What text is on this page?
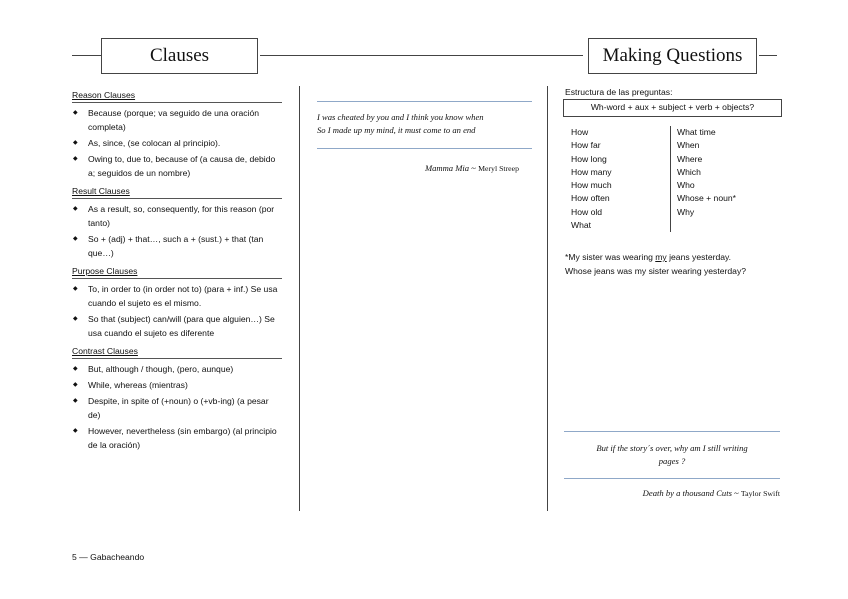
Clauses	Making Questions
Reason Clauses
◆ Because (porque; va seguido de una oración completa)
◆ As, since, (se colocan al principio).
◆ Owing to, due to, because of (a causa de, debido a; seguidos de un nombre)
Result Clauses
◆ As a result, so, consequently, for this reason (por tanto)
◆ So + (adj) + that…, such a + (sust.) + that (tan que…)
Purpose Clauses
◆ To, in order to (in order not to) (para + inf.) Se usa cuando el sujeto es el mismo.
◆ So that (subject) can/will (para que alguien…) Se usa cuando el sujeto es diferente
Contrast Clauses
◆ But, although / though, (pero, aunque)
◆ While, whereas (mientras)
◆ Despite, in spite of (+noun) o (+vb-ing) (a pesar de)
◆ However, nevertheless (sin embargo) (al principio de la oración)
I was cheated by you and I think you know when
So I made up my mind, it must come to an end
Mamma Mia ~ Meryl Streep
Estructura de las preguntas:
Wh-word + aux + subject + verb + objects?
How
How far
How long
How many
How much
How often
How old
What
What time
When
Where
Which
Who
Whose + noun*
Why
*My sister was wearing my jeans yesterday.
Whose jeans was my sister wearing yesterday?
But if the story´s over, why am I still writing
pages ?
Death by a thousand Cuts ~ Taylor Swift
5 — Gabacheando
